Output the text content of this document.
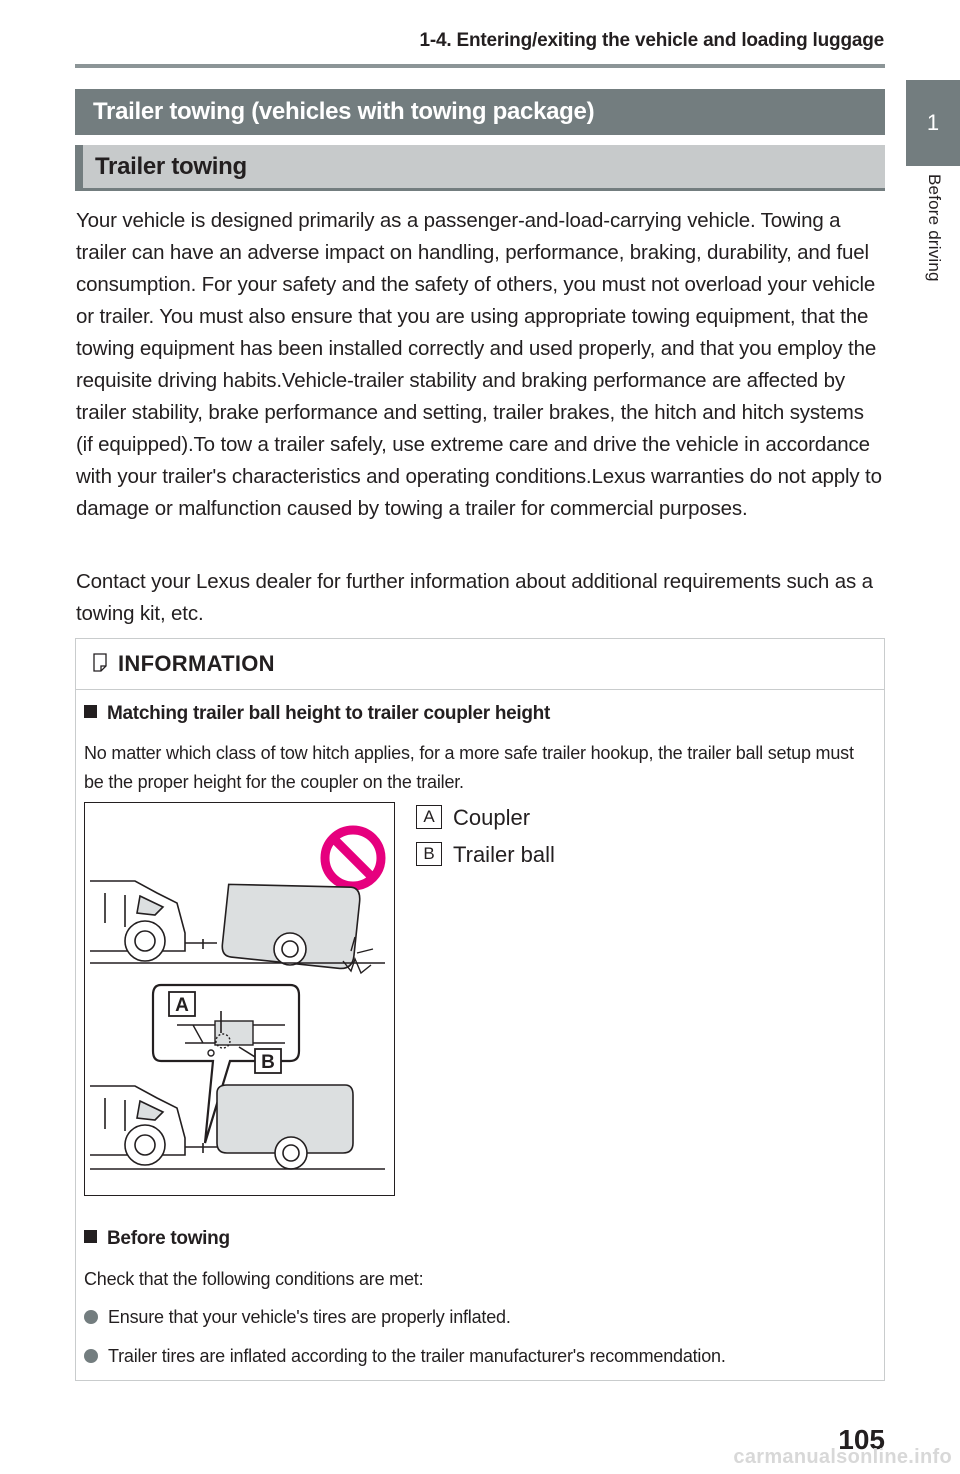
1-4. Entering/exiting the vehicle and loading luggage
1
Before driving
Trailer towing (vehicles with towing package)
Trailer towing
Your vehicle is designed primarily as a passenger-and-load-carrying vehicle. Towing a trailer can have an adverse impact on handling, performance, braking, durability, and fuel consumption. For your safety and the safety of others, you must not overload your vehicle or trailer. You must also ensure that you are using appropriate towing equipment, that the towing equipment has been installed correctly and used properly, and that you employ the requisite driving habits.Vehicle-trailer stability and braking performance are affected by trailer stability, brake performance and setting, trailer brakes, the hitch and hitch systems (if equipped).To tow a trailer safely, use extreme care and drive the vehicle in accordance with your trailer's characteristics and operating conditions.Lexus warranties do not apply to damage or malfunction caused by towing a trailer for commercial purposes.
Contact your Lexus dealer for further information about additional requirements such as a towing kit, etc.
INFORMATION
Matching trailer ball height to trailer coupler height
No matter which class of tow hitch applies, for a more safe trailer hookup, the trailer ball setup must be the proper height for the coupler on the trailer.
A
B
A Coupler
B Trailer ball
Before towing
Check that the following conditions are met:
Ensure that your vehicle's tires are properly inflated.
Trailer tires are inflated according to the trailer manufacturer's recommendation.
105
carmanualsonline.info
